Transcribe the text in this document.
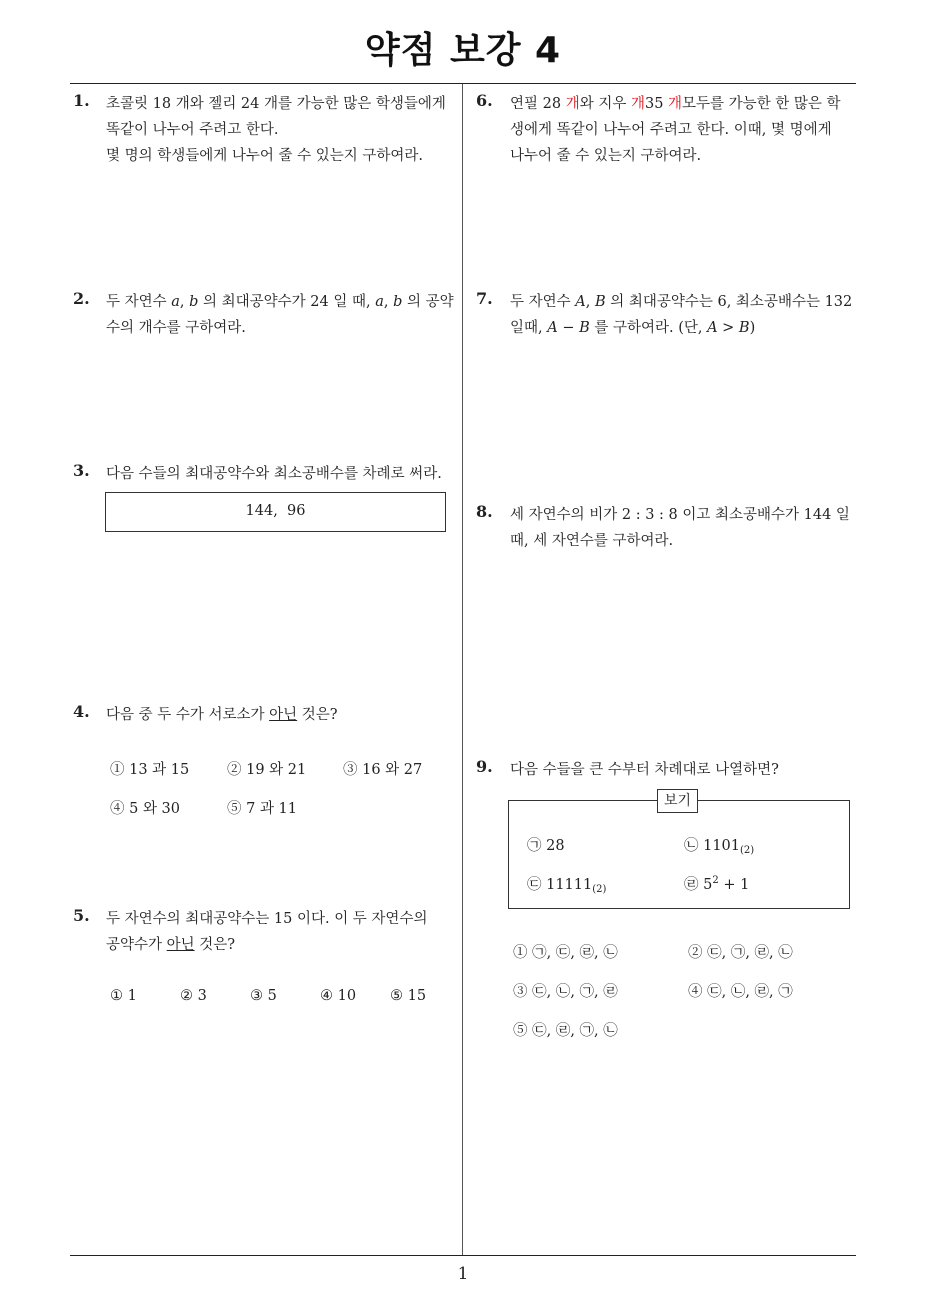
약점 보강 4
1
1. 초콜릿 18 개와 젤리 24 개를 가능한 많은 학생들에게
똑같이 나누어 주려고 한다.
몇 명의 학생들에게 나누어 줄 수 있는지 구하여라.
2. 두 자연수 a, b 의 최대공약수가 24 일 때, a, b 의 공약
수의 개수를 구하여라.
3. 다음 수들의 최대공약수와 최소공배수를 차례로 써라.
144,  96
4. 다음 중 두 수가 서로소가 아닌 것은?
① 13 과 15	② 19 와 21	③ 16 와 27
④ 5 와 30	⑤ 7 과 11
5. 두 자연수의 최대공약수는 15 이다. 이 두 자연수의
공약수가 아닌 것은?
① 1	② 3	③ 5	④ 10 ⑤ 15
6. 연필 28 개와 지우 개35 개모두를 가능한 한 많은 학
생에게 똑같이 나누어 주려고 한다. 이때, 몇 명에게
나누어 줄 수 있는지 구하여라.
7. 두 자연수 A, B 의 최대공약수는 6, 최소공배수는 132
일때, A − B 를 구하여라. (단, A > B)
8. 세 자연수의 비가 2 : 3 : 8 이고 최소공배수가 144 일
때, 세 자연수를 구하여라.
9. 다음 수들을 큰 수부터 차례대로 나열하면?
보기
㉠ 28	㉡ $1101_{(2)}$
㉢ $11111_{(2)}$	㉣ $5^2 + 1$
① ㉠, ㉢, ㉣, ㉡	② ㉢, ㉠, ㉣, ㉡
③ ㉢, ㉡, ㉠, ㉣	④ ㉢, ㉡, ㉣, ㉠
⑤ ㉢, ㉣, ㉠, ㉡
